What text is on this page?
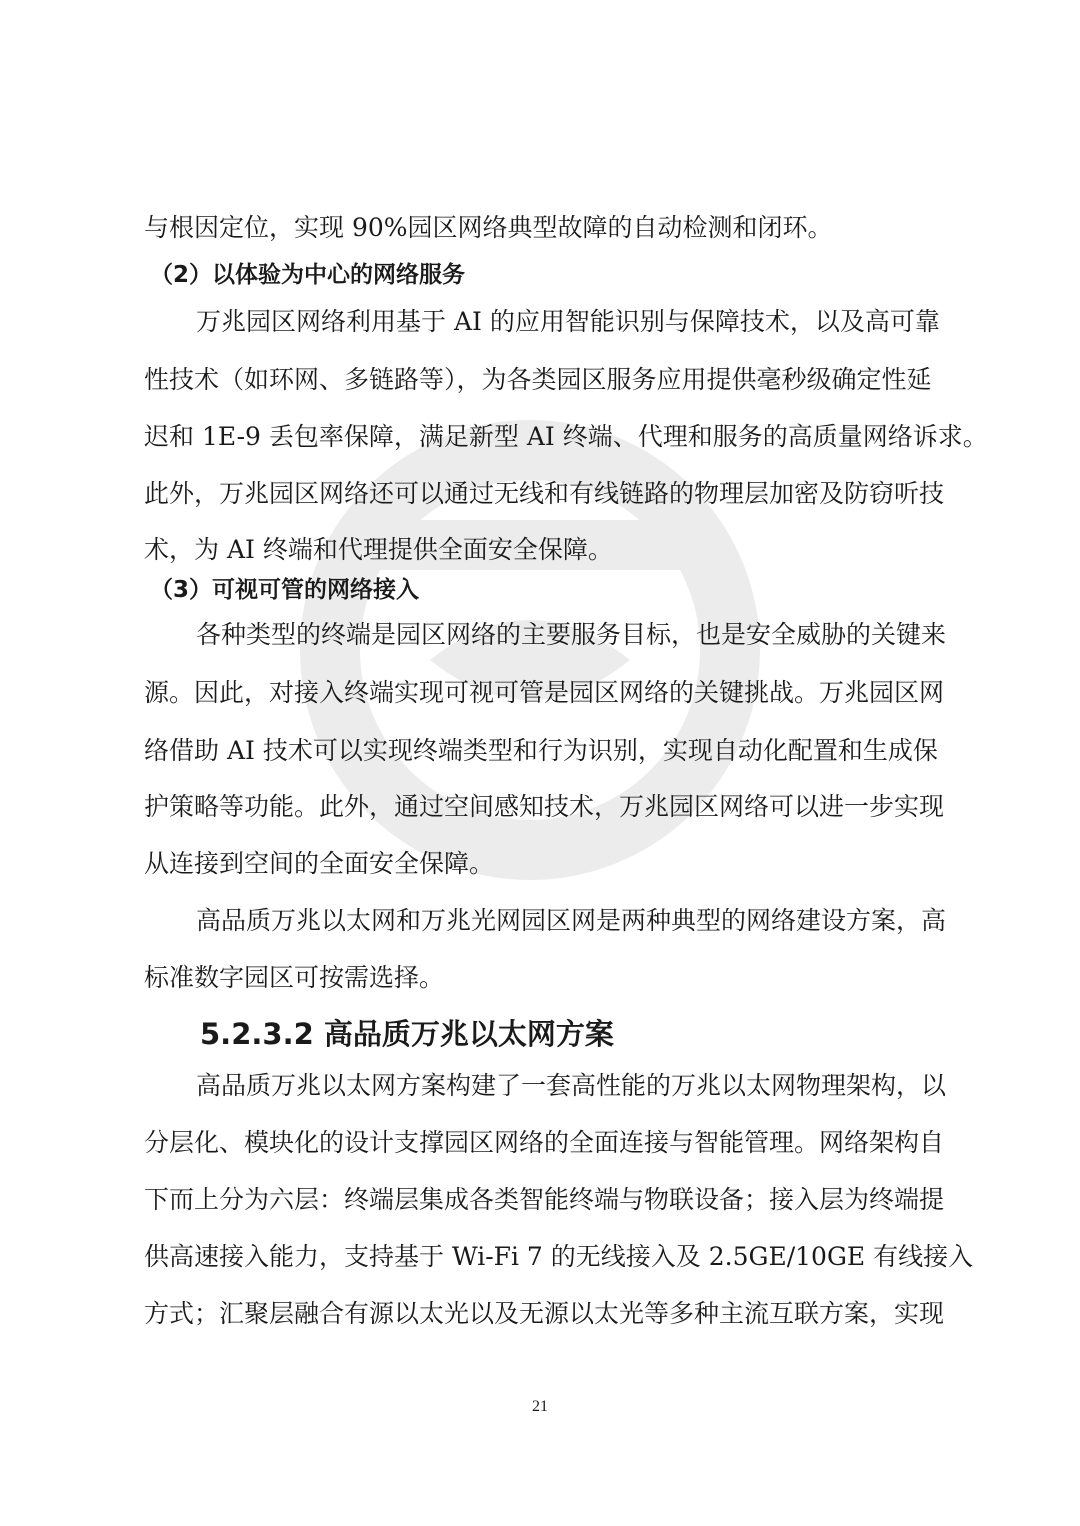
与根因定位，实现 90%园区网络典型故障的自动检测和闭环。
（2）以体验为中心的网络服务
万兆园区网络利用基于 AI 的应用智能识别与保障技术，以及高可靠
性技术（如环网、多链路等），为各类园区服务应用提供毫秒级确定性延
迟和 1E-9 丢包率保障，满足新型 AI 终端、代理和服务的高质量网络诉求。
此外，万兆园区网络还可以通过无线和有线链路的物理层加密及防窃听技
术，为 AI 终端和代理提供全面安全保障。
（3）可视可管的网络接入
各种类型的终端是园区网络的主要服务目标，也是安全威胁的关键来
源。因此，对接入终端实现可视可管是园区网络的关键挑战。万兆园区网
络借助 AI 技术可以实现终端类型和行为识别，实现自动化配置和生成保
护策略等功能。此外，通过空间感知技术，万兆园区网络可以进一步实现
从连接到空间的全面安全保障。
高品质万兆以太网和万兆光网园区网是两种典型的网络建设方案，高
标准数字园区可按需选择。
5.2.3.2 高品质万兆以太网方案
高品质万兆以太网方案构建了一套高性能的万兆以太网物理架构，以
分层化、模块化的设计支撑园区网络的全面连接与智能管理。网络架构自
下而上分为六层：终端层集成各类智能终端与物联设备；接入层为终端提
供高速接入能力，支持基于 Wi-Fi 7 的无线接入及 2.5GE/10GE 有线接入
方式；汇聚层融合有源以太光以及无源以太光等多种主流互联方案，实现
21
